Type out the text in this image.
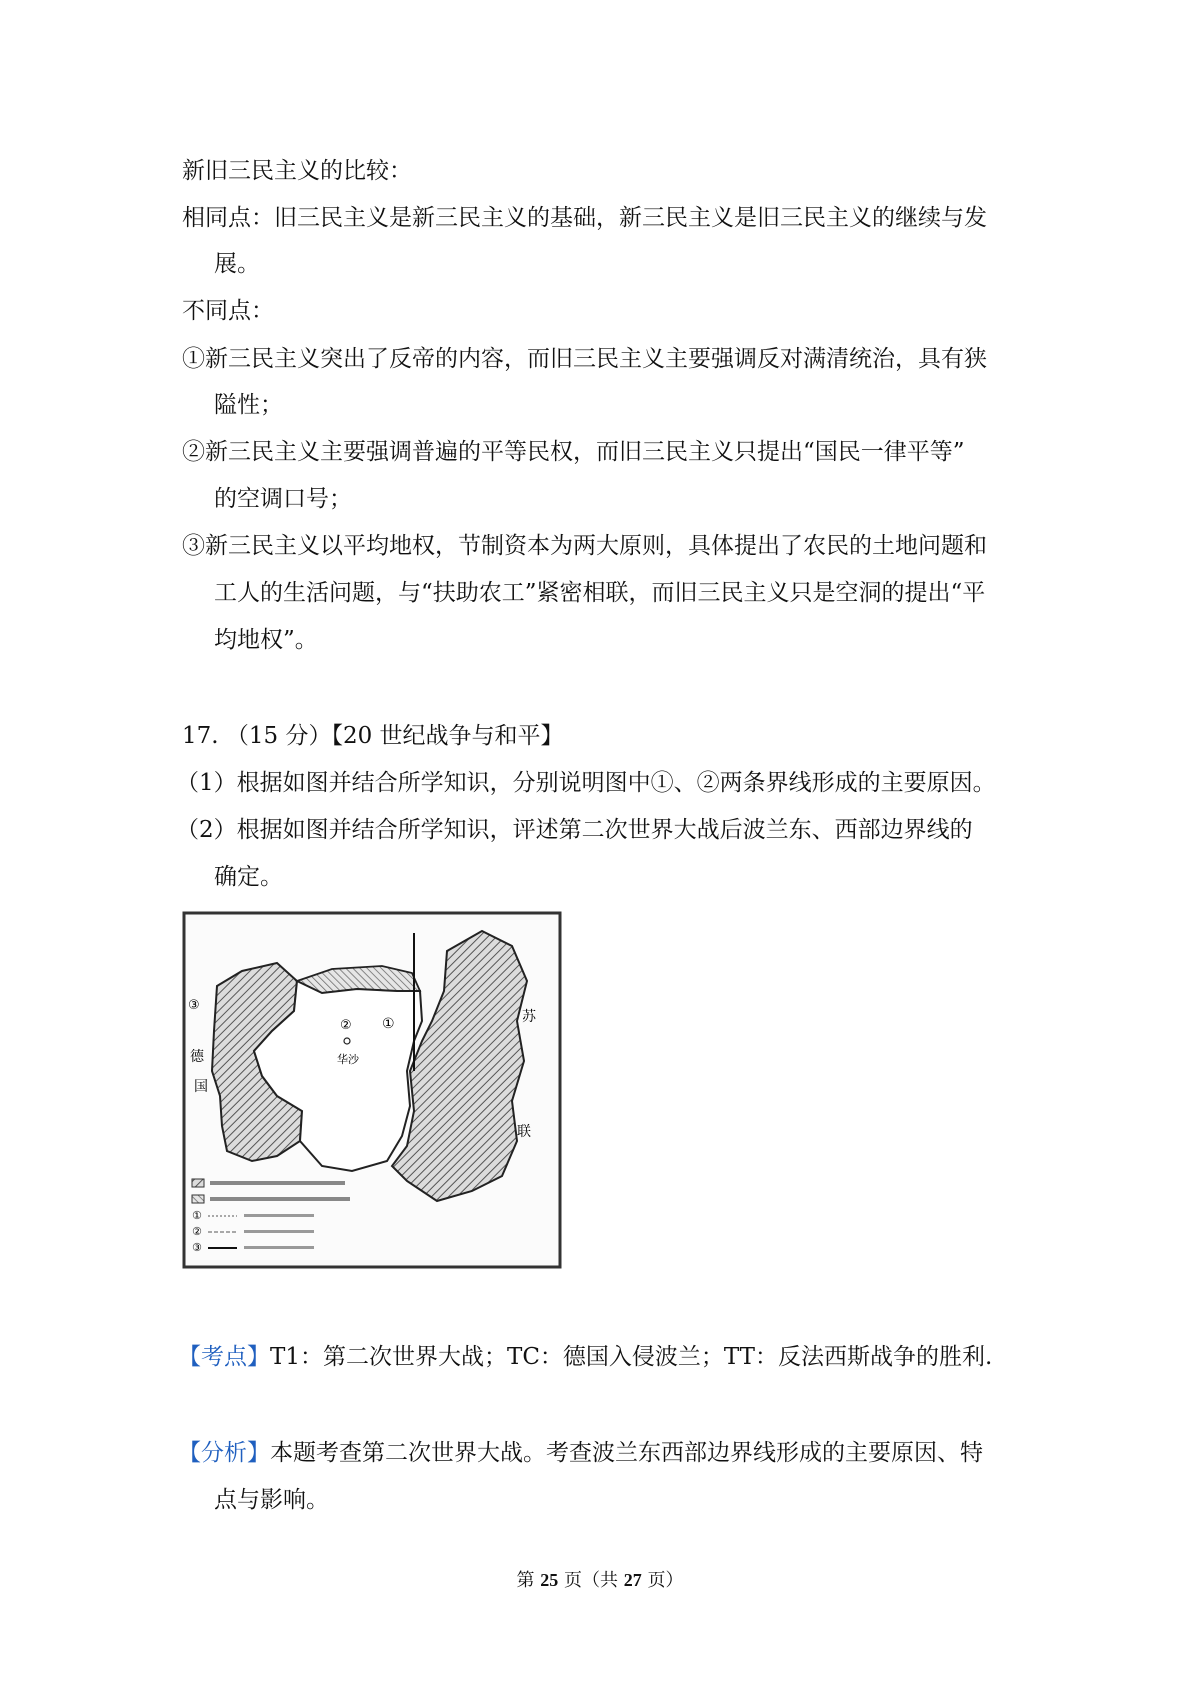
新旧三民主义的比较：
相同点：旧三民主义是新三民主义的基础，新三民主义是旧三民主义的继续与发
展。
不同点：
①新三民主义突出了反帝的内容，而旧三民主义主要强调反对满清统治，具有狭
隘性；
②新三民主义主要强调普遍的平等民权，而旧三民主义只提出“国民一律平等”
的空调口号；
③新三民主义以平均地权，节制资本为两大原则，具体提出了农民的土地问题和
工人的生活问题，与“扶助农工”紧密相联，而旧三民主义只是空洞的提出“平
均地权”。
17. （15 分）【20 世纪战争与和平】
（1）根据如图并结合所学知识，分别说明图中①、②两条界线形成的主要原因。
（2）根据如图并结合所学知识，评述第二次世界大战后波兰东、西部边界线的
确定。
①
②
③
苏
联
德
国
华沙
①
②
③
【考点】T1：第二次世界大战；TC：德国入侵波兰；TT：反法西斯战争的胜利.
【分析】本题考查第二次世界大战。考查波兰东西部边界线形成的主要原因、特
点与影响。
第 25 页（共 27 页）
